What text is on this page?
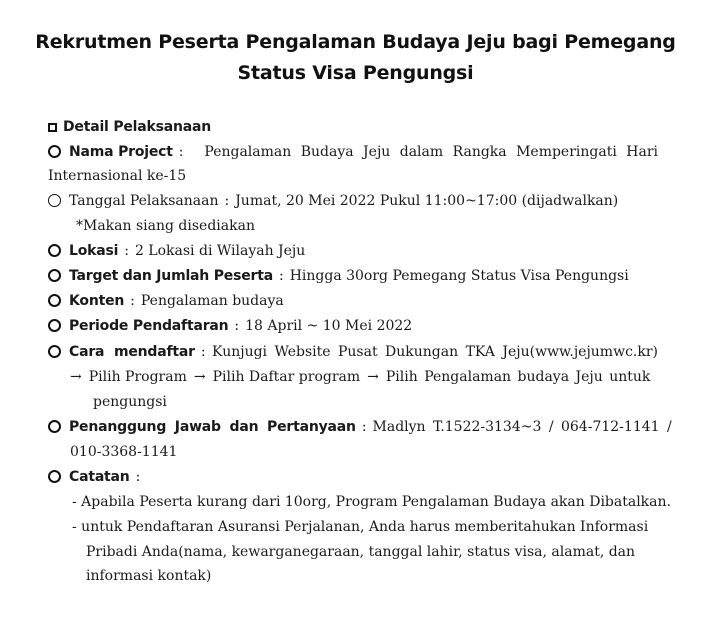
Rekrutmen Peserta Pengalaman Budaya Jeju bagi Pemegang
Status Visa Pengungsi
Detail Pelaksanaan
Nama Project :	Pengalaman Budaya Jeju dalam Rangka Memperingati Hari
Internasional ke-15
Tanggal Pelaksanaan : Jumat, 20 Mei 2022 Pukul 11:00~17:00 (dijadwalkan)
*Makan siang disediakan
Lokasi : 2 Lokasi di Wilayah Jeju
Target dan Jumlah Peserta : Hingga 30org Pemegang Status Visa Pengungsi
Konten : Pengalaman budaya
Periode Pendaftaran : 18 April ~ 10 Mei 2022
Cara mendaftar : Kunjugi Website Pusat Dukungan TKA Jeju(www.jejumwc.kr)
→ Pilih Program → Pilih Daftar program → Pilih Pengalaman budaya Jeju untuk
pengungsi
Penanggung Jawab dan Pertanyaan : Madlyn T.1522-3134~3 / 064-712-1141 /
010-3368-1141
Catatan :
- Apabila Peserta kurang dari 10org, Program Pengalaman Budaya akan Dibatalkan.
- untuk Pendaftaran Asuransi Perjalanan, Anda harus memberitahukan Informasi
Pribadi Anda(nama, kewarganegaraan, tanggal lahir, status visa, alamat, dan
informasi kontak)
